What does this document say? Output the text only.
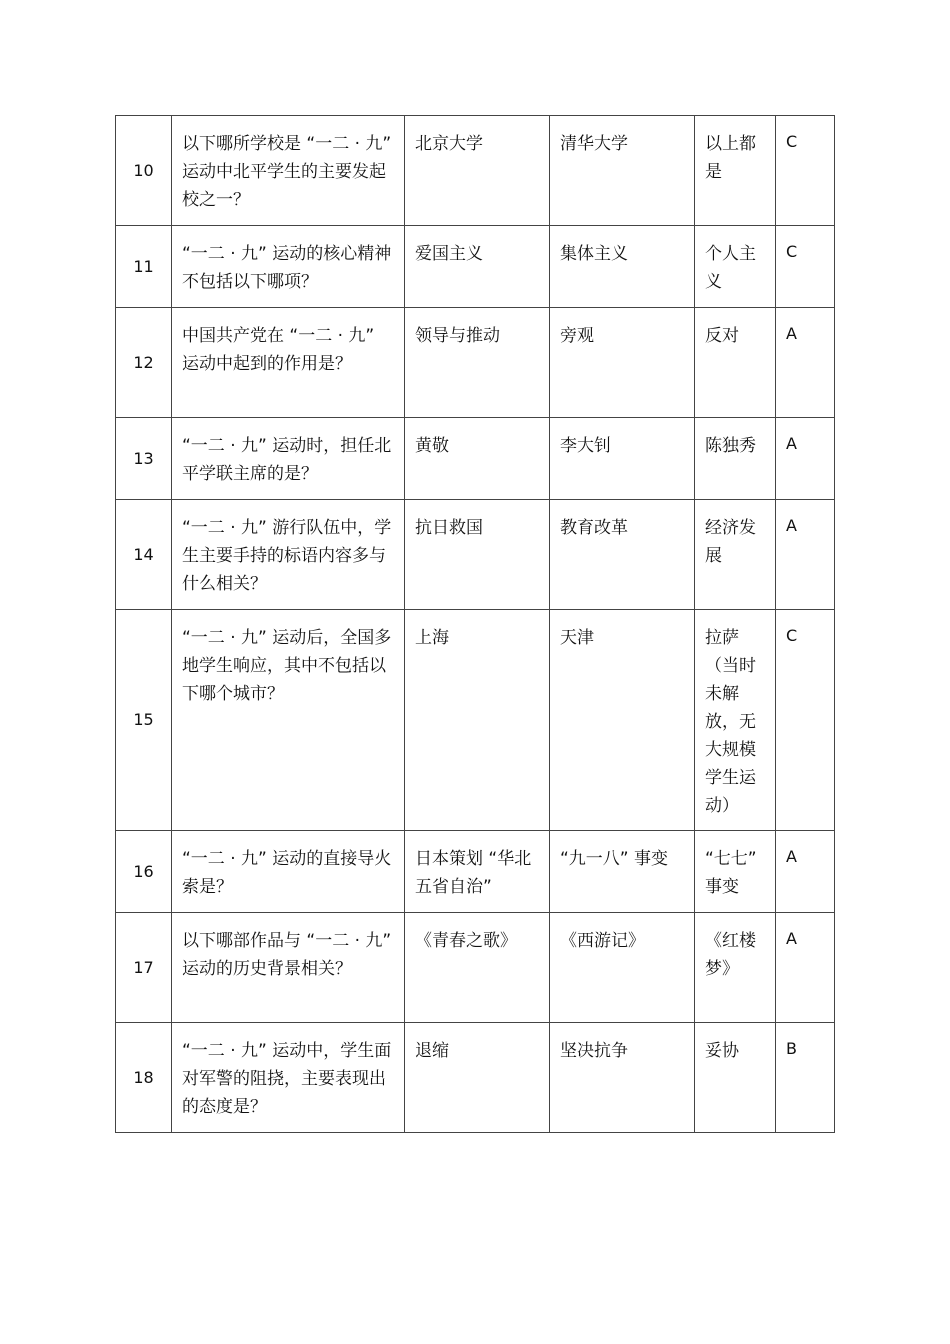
10	以下哪所学校是 “一二 · 九” 运动中北平学生的主要发起校之一？	北京大学	清华大学	以上都是	C
11	“一二 · 九” 运动的核心精神不包括以下哪项？	爱国主义	集体主义	个人主义	C
12	中国共产党在 “一二 · 九” 运动中起到的作用是？	领导与推动	旁观	反对	A
13	“一二 · 九” 运动时，担任北平学联主席的是？	黄敬	李大钊	陈独秀	A
14	“一二 · 九” 游行队伍中，学生主要手持的标语内容多与什么相关？	抗日救国	教育改革	经济发展	A
15	“一二 · 九” 运动后，全国多地学生响应，其中不包括以下哪个城市？	上海	天津	拉萨（当时未解放，无大规模学生运动）	C
16	“一二 · 九” 运动的直接导火索是？	日本策划 “华北五省自治”	“九一八” 事变	“七七” 事变	A
17	以下哪部作品与 “一二 · 九” 运动的历史背景相关？	《青春之歌》	《西游记》	《红楼梦》	A
18	“一二 · 九” 运动中，学生面对军警的阻挠，主要表现出的态度是？	退缩	坚决抗争	妥协	B
